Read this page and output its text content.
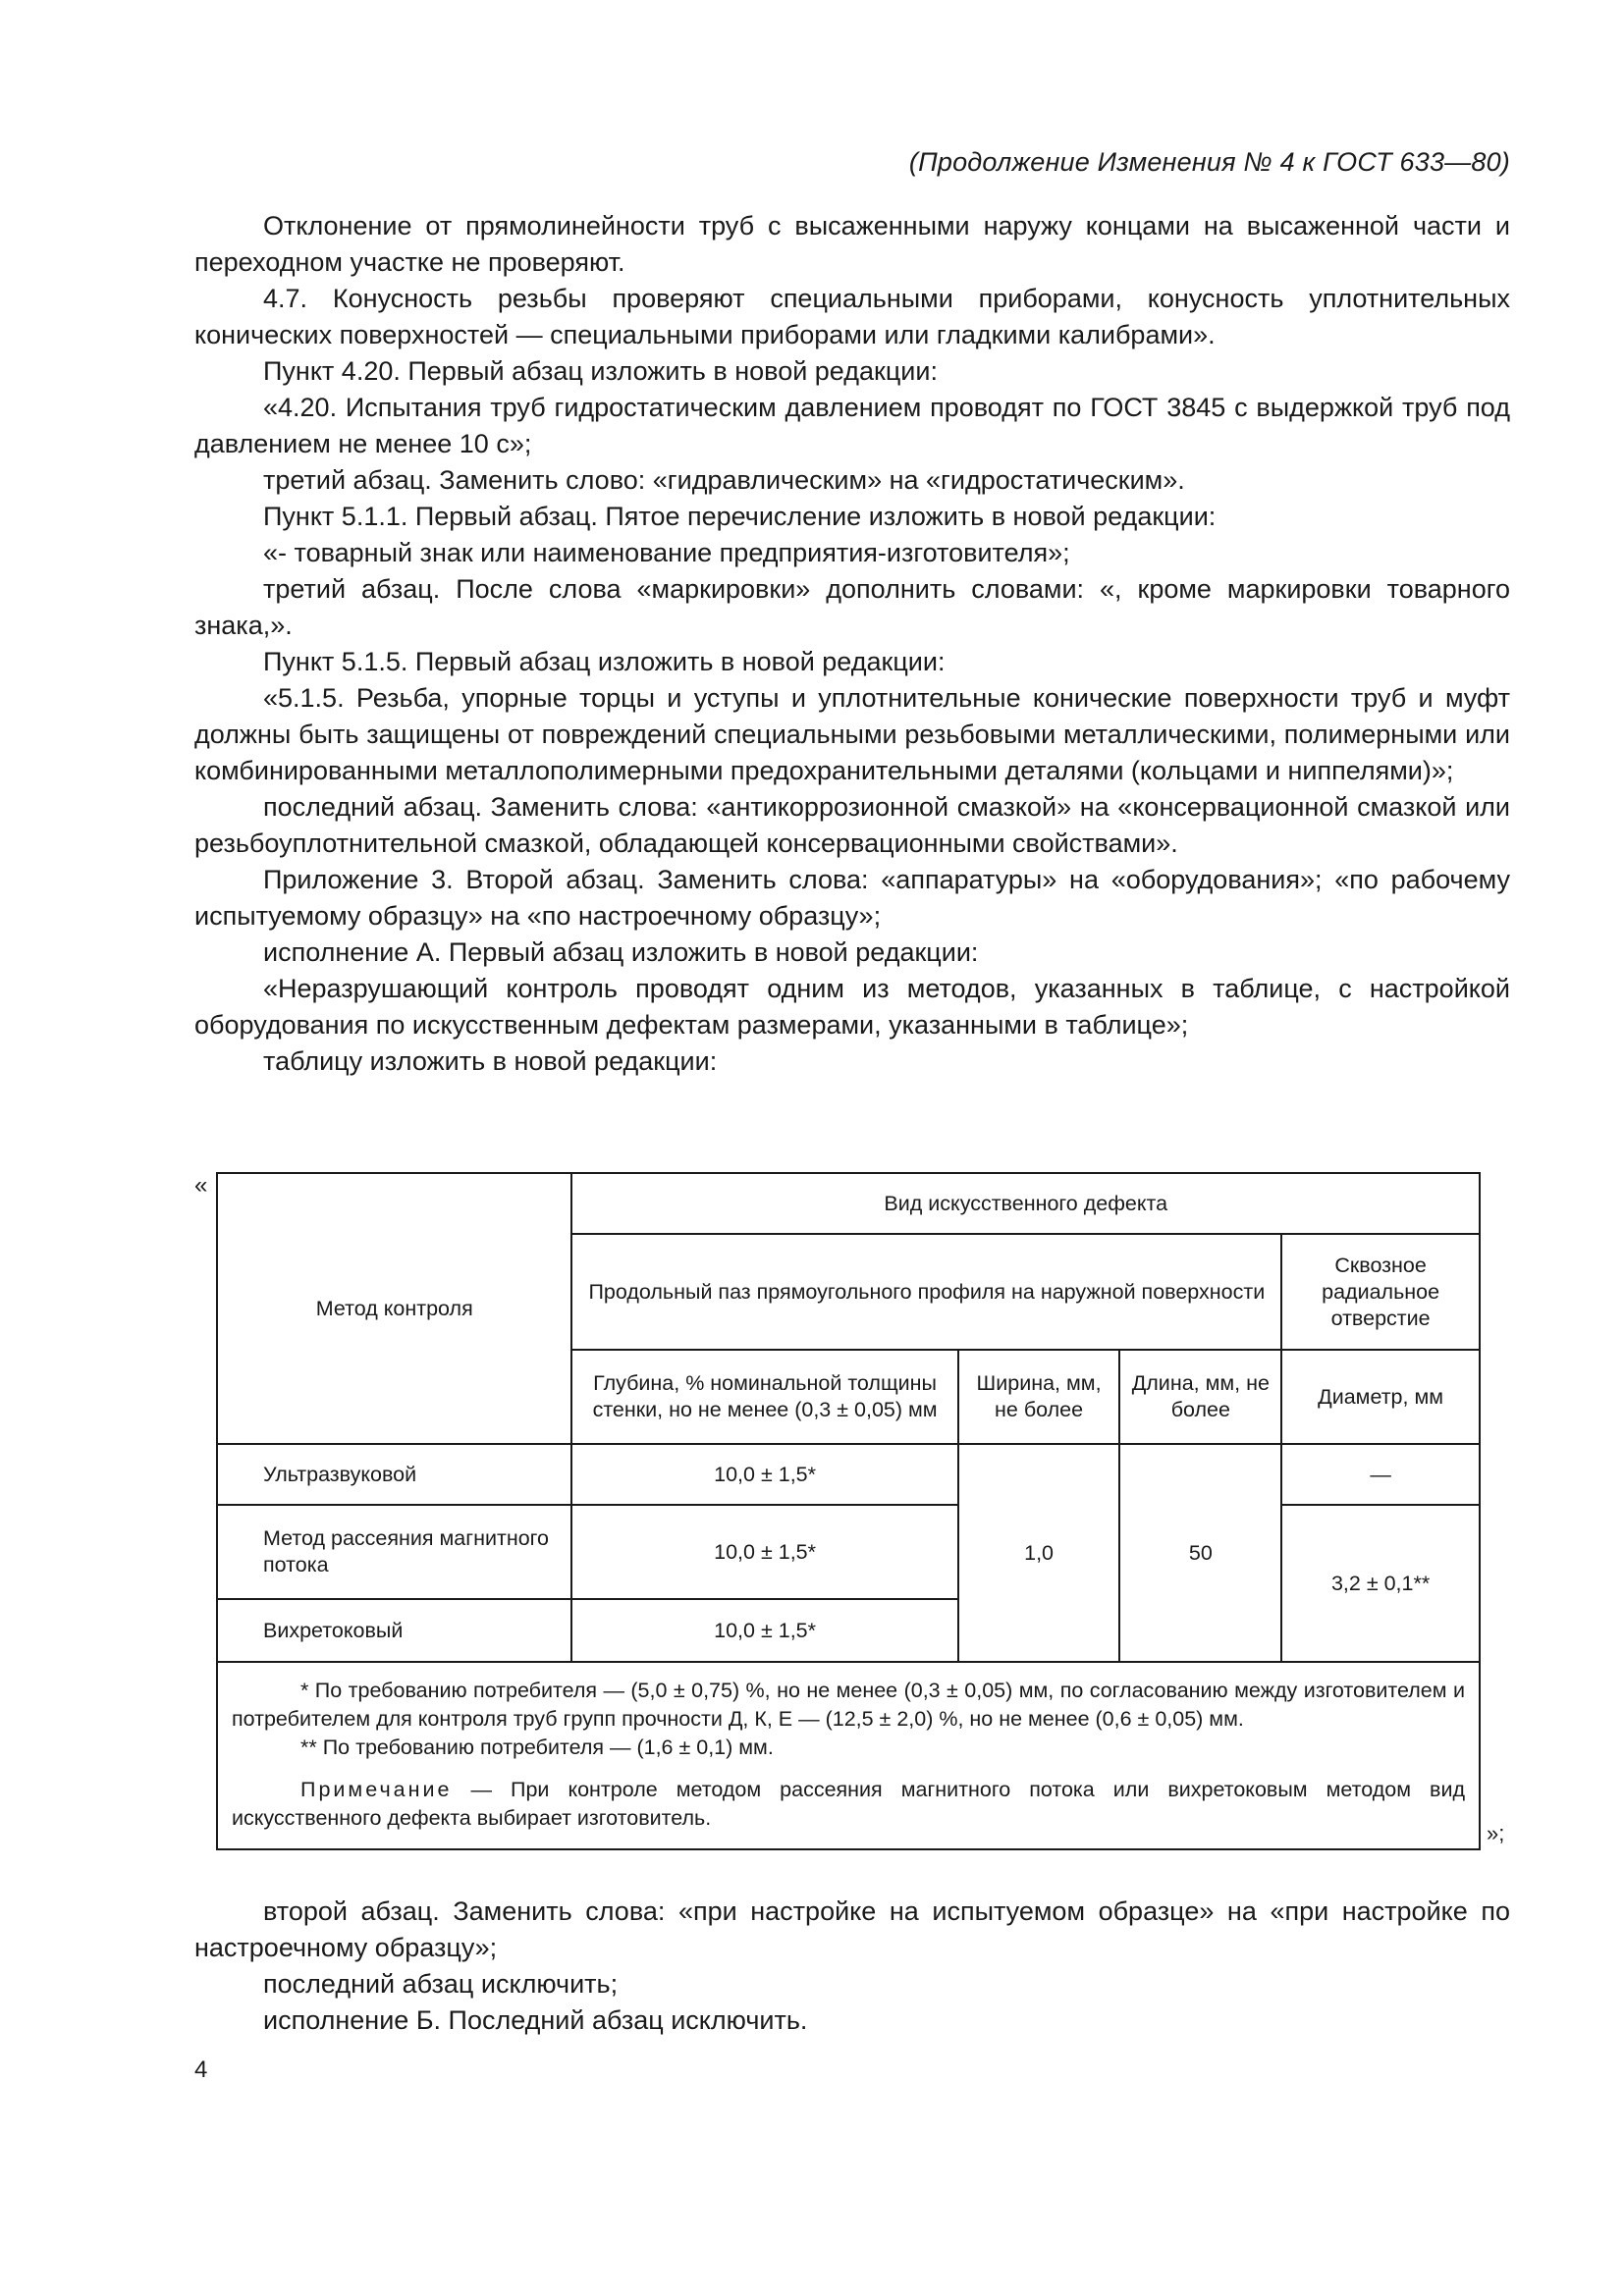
(Продолжение Изменения № 4 к ГОСТ 633—80)

Отклонение от прямолинейности труб с высаженными наружу концами на высаженной части и переходном участке не проверяют.

4.7. Конусность резьбы проверяют специальными приборами, конусность уплотнительных конических поверхностей — специальными приборами или гладкими калибрами».

Пункт 4.20. Первый абзац изложить в новой редакции:

«4.20. Испытания труб гидростатическим давлением проводят по ГОСТ 3845 с выдержкой труб под давлением не менее 10 с»;

третий абзац. Заменить слово: «гидравлическим» на «гидростатическим».

Пункт 5.1.1. Первый абзац. Пятое перечисление изложить в новой редакции:

«- товарный знак или наименование предприятия-изготовителя»;

третий абзац. После слова «маркировки» дополнить словами: «, кроме маркировки товарного знака,».

Пункт 5.1.5. Первый абзац изложить в новой редакции:

«5.1.5. Резьба, упорные торцы и уступы и уплотнительные конические поверхности труб и муфт должны быть защищены от повреждений специальными резьбовыми металлическими, полимерными или комбинированными металлополимерными предохранительными деталями (кольцами и ниппелями)»;

последний абзац. Заменить слова: «антикоррозионной смазкой» на «консервационной смазкой или резьбоуплотнительной смазкой, обладающей консервационными свойствами».

Приложение 3. Второй абзац. Заменить слова: «аппаратуры» на «оборудования»; «по рабочему испытуемому образцу» на «по настроечному образцу»;

исполнение А. Первый абзац изложить в новой редакции:

«Неразрушающий контроль проводят одним из методов, указанных в таблице, с настройкой оборудования по искусственным дефектам размерами, указанными в таблице»;

таблицу изложить в новой редакции:

«
Метод контроля	Вид искусственного дефекта			
	Продольный паз прямоугольного профиля на наружной поверхности			Сквозное радиальное отверстие
	Глубина, % номинальной толщины стенки, но не менее (0,3 ± 0,05) мм	Ширина, мм, не более	Длина, мм, не более	Диаметр, мм
Ультразвуковой	10,0 ± 1,5*	1,0	50	—
Метод рассеяния магнитного потока	10,0 ± 1,5*			3,2 ± 0,1**
Вихретоковый	10,0 ± 1,5*			

* По требованию потребителя — (5,0 ± 0,75) %, но не менее (0,3 ± 0,05) мм, по согласованию между изготовителем и потребителем для контроля труб групп прочности Д, К, Е — (12,5 ± 2,0) %, но не менее (0,6 ± 0,05) мм.

** По требованию потребителя — (1,6 ± 0,1) мм.

Примечание — При контроле методом рассеяния магнитного потока или вихретоковым методом вид искусственного дефекта выбирает изготовитель.				

»;

второй абзац. Заменить слова: «при настройке на испытуемом образце» на «при настройке по настроечному образцу»;

последний абзац исключить;

исполнение Б. Последний абзац исключить.

4
